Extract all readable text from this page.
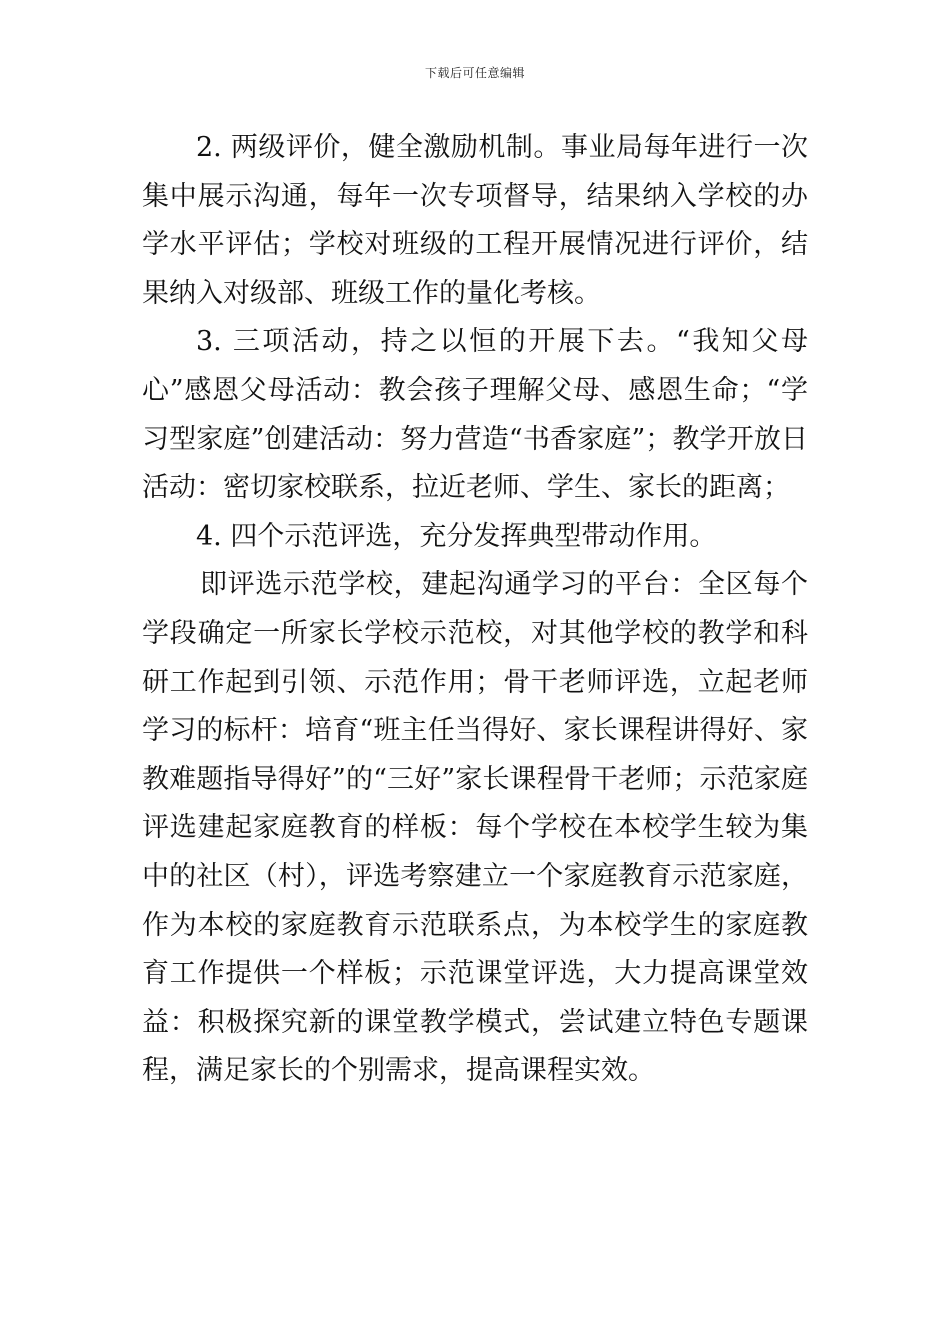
下载后可任意编辑

2. 两级评价，健全激励机制。事业局每年进行一次集中展示沟通，每年一次专项督导，结果纳入学校的办学水平评估；学校对班级的工程开展情况进行评价，结果纳入对级部、班级工作的量化考核。

3. 三项活动，持之以恒的开展下去。“我知父母心”感恩父母活动：教会孩子理解父母、感恩生命；“学习型家庭”创建活动：努力营造“书香家庭”；教学开放日活动：密切家校联系，拉近老师、学生、家长的距离；

4. 四个示范评选，充分发挥典型带动作用。

即评选示范学校，建起沟通学习的平台：全区每个学段确定一所家长学校示范校，对其他学校的教学和科研工作起到引领、示范作用；骨干老师评选，立起老师学习的标杆：培育“班主任当得好、家长课程讲得好、家教难题指导得好”的“三好”家长课程骨干老师；示范家庭评选建起家庭教育的样板：每个学校在本校学生较为集中的社区（村），评选考察建立一个家庭教育示范家庭，作为本校的家庭教育示范联系点，为本校学生的家庭教育工作提供一个样板；示范课堂评选，大力提高课堂效益：积极探究新的课堂教学模式，尝试建立特色专题课程，满足家长的个别需求，提高课程实效。
